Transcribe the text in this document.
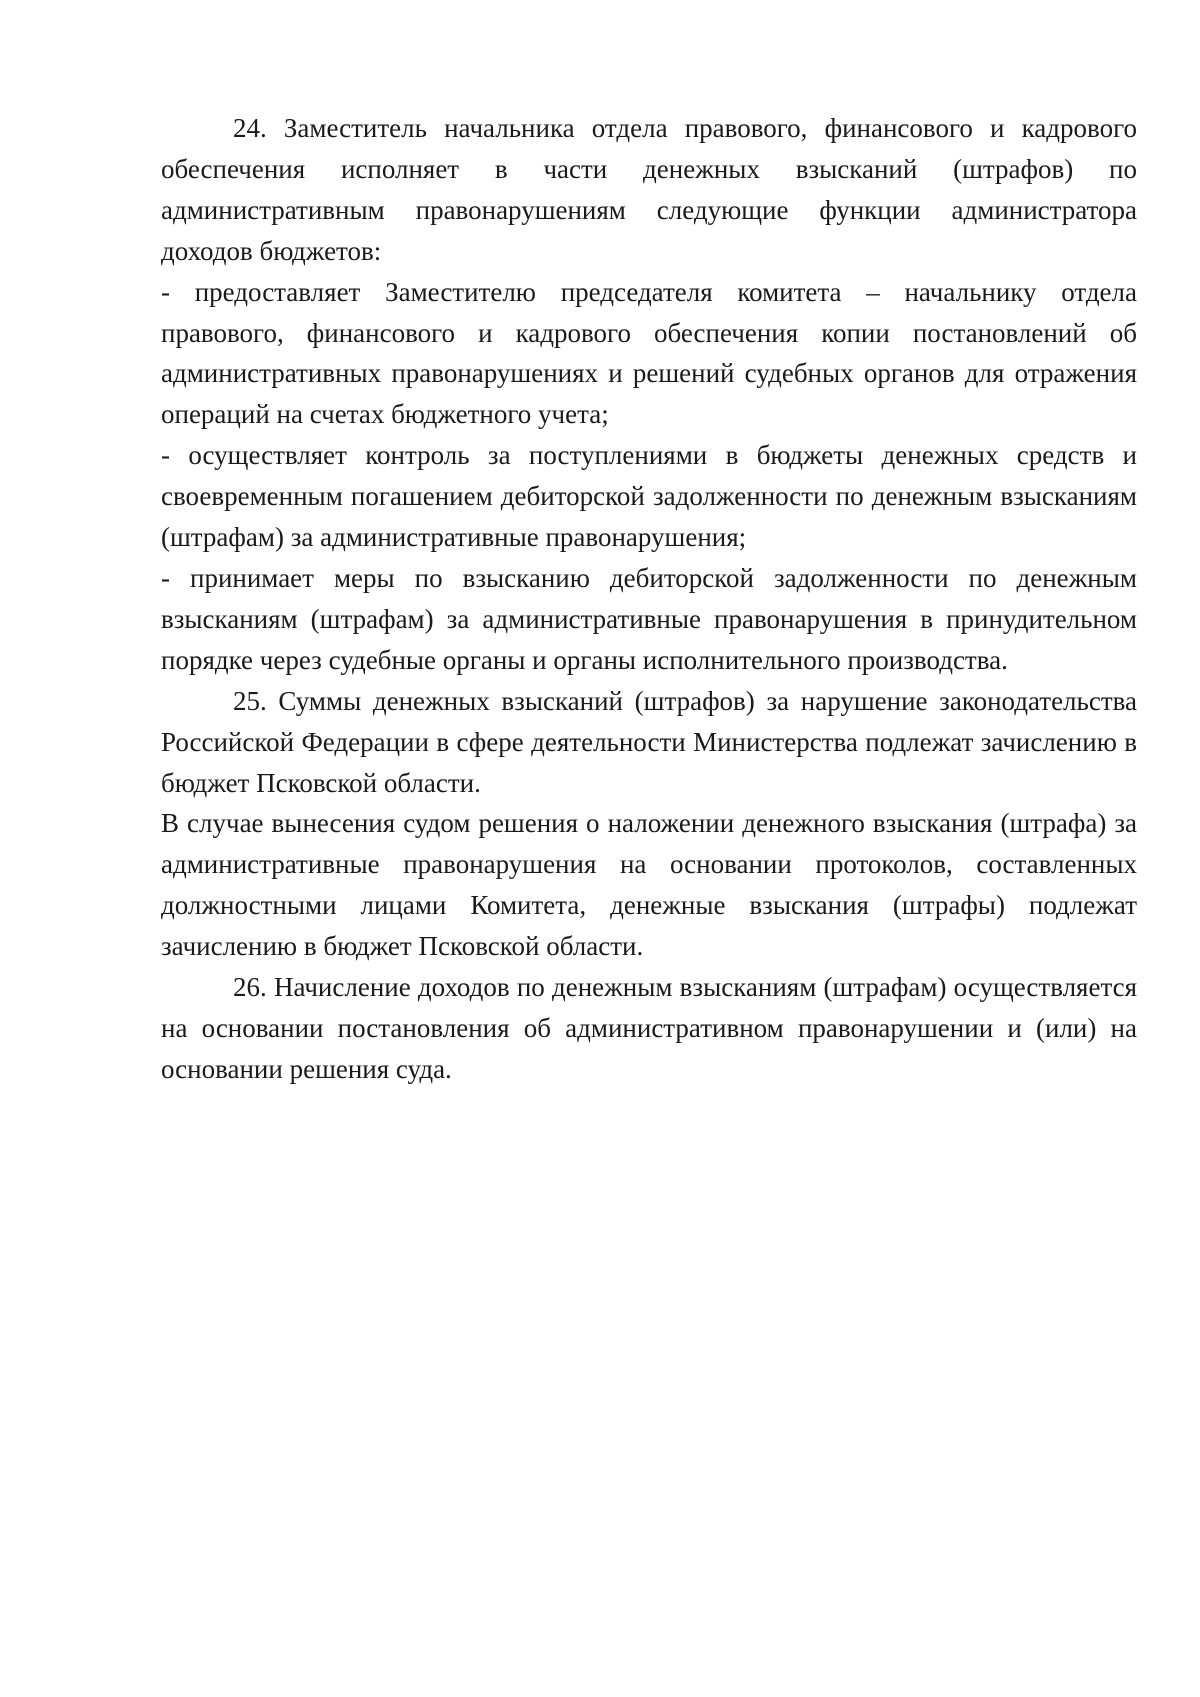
24. Заместитель начальника отдела правового, финансового и кадрового обеспечения исполняет в части денежных взысканий (штрафов) по административным правонарушениям следующие функции администратора доходов бюджетов:

- предоставляет Заместителю председателя комитета – начальнику отдела правового, финансового и кадрового обеспечения копии постановлений об административных правонарушениях и решений судебных органов для отражения операций на счетах бюджетного учета;

- осуществляет контроль за поступлениями в бюджеты денежных средств и своевременным погашением дебиторской задолженности по денежным взысканиям (штрафам) за административные правонарушения;

- принимает меры по взысканию дебиторской задолженности по денежным взысканиям (штрафам) за административные правонарушения в принудительном порядке через судебные органы и органы исполнительного производства.

25. Суммы денежных взысканий (штрафов) за нарушение законодательства Российской Федерации в сфере деятельности Министерства подлежат зачислению в бюджет Псковской области.

В случае вынесения судом решения о наложении денежного взыскания (штрафа) за административные правонарушения на основании протоколов, составленных должностными лицами Комитета, денежные взыскания (штрафы) подлежат зачислению в бюджет Псковской области.

26. Начисление доходов по денежным взысканиям (штрафам) осуществляется на основании постановления об административном правонарушении и (или) на основании решения суда.
